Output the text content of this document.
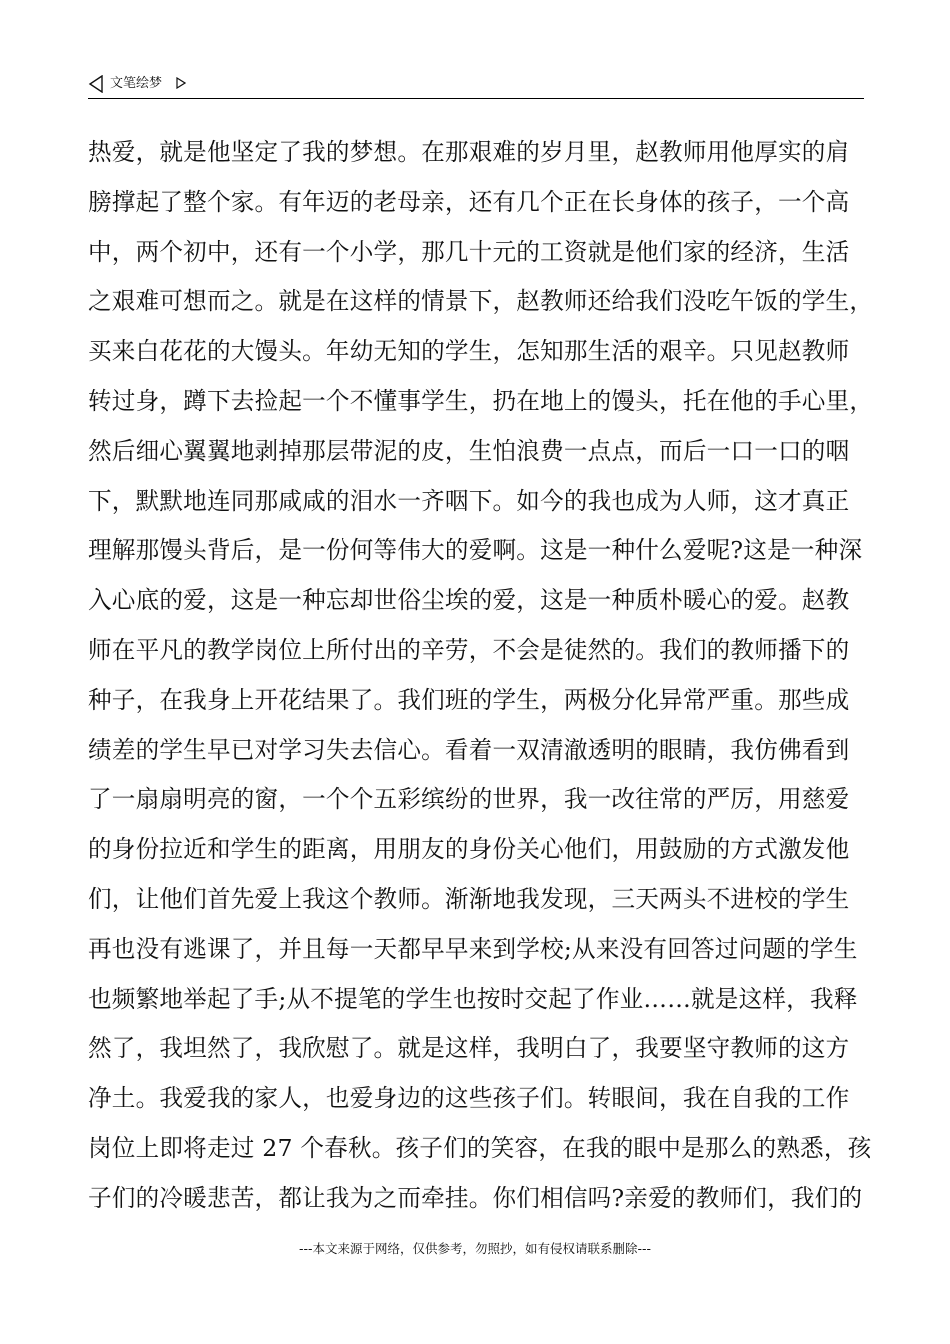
文笔绘梦
热爱，就是他坚定了我的梦想。在那艰难的岁月里，赵教师用他厚实的肩
膀撑起了整个家。有年迈的老母亲，还有几个正在长身体的孩子，一个高
中，两个初中，还有一个小学，那几十元的工资就是他们家的经济，生活
之艰难可想而之。就是在这样的情景下，赵教师还给我们没吃午饭的学生，
买来白花花的大馒头。年幼无知的学生，怎知那生活的艰辛。只见赵教师
转过身，蹲下去捡起一个不懂事学生，扔在地上的馒头，托在他的手心里，
然后细心翼翼地剥掉那层带泥的皮，生怕浪费一点点，而后一口一口的咽
下，默默地连同那咸咸的泪水一齐咽下。如今的我也成为人师，这才真正
理解那馒头背后，是一份何等伟大的爱啊。这是一种什么爱呢?这是一种深
入心底的爱，这是一种忘却世俗尘埃的爱，这是一种质朴暖心的爱。赵教
师在平凡的教学岗位上所付出的辛劳，不会是徒然的。我们的教师播下的
种子，在我身上开花结果了。我们班的学生，两极分化异常严重。那些成
绩差的学生早已对学习失去信心。看着一双清澈透明的眼睛，我仿佛看到
了一扇扇明亮的窗，一个个五彩缤纷的世界，我一改往常的严厉，用慈爱
的身份拉近和学生的距离，用朋友的身份关心他们，用鼓励的方式激发他
们，让他们首先爱上我这个教师。渐渐地我发现，三天两头不进校的学生
再也没有逃课了，并且每一天都早早来到学校;从来没有回答过问题的学生
也频繁地举起了手;从不提笔的学生也按时交起了作业……就是这样，我释
然了，我坦然了，我欣慰了。就是这样，我明白了，我要坚守教师的这方
净土。我爱我的家人，也爱身边的这些孩子们。转眼间，我在自我的工作
岗位上即将走过 27 个春秋。孩子们的笑容，在我的眼中是那么的熟悉，孩
子们的冷暖悲苦，都让我为之而牵挂。你们相信吗?亲爱的教师们，我们的
---本文来源于网络，仅供参考，勿照抄，如有侵权请联系删除---
